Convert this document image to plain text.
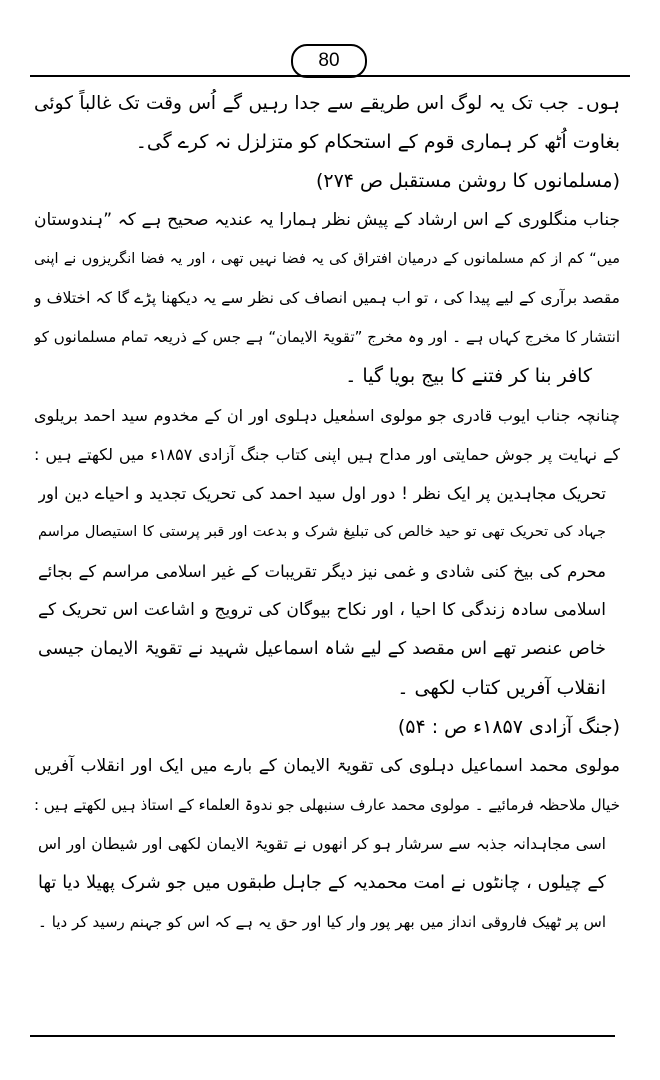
80
ہوں۔ جب تک یہ لوگ اس طریقے سے جدا رہیں گے اُس وقت تک غالباً کوئی
بغاوت اُٹھ کر ہماری قوم کے استحکام کو متزلزل نہ کرے گی۔
(مسلمانوں کا روشن مستقبل ص ۲۷۴)
جناب منگلوری کے اس ارشاد کے پیش نظر ہمارا یہ عندیہ صحیح ہے کہ ”ہندوستان
میں“ کم از کم مسلمانوں کے درمیان افتراق کی یہ فضا نہیں تھی ، اور یہ فضا انگریزوں نے اپنی
مقصد برآری کے لیے پیدا کی ، تو اب ہمیں انصاف کی نظر سے یہ دیکھنا پڑے گا کہ اختلاف و
انتشار کا مخرج کہاں ہے ۔ اور وہ مخرج ”تقویۃ الایمان“ ہے جس کے ذریعہ تمام مسلمانوں کو
کافر بنا کر فتنے کا بیج بویا گیا ۔
چنانچہ جناب ایوب قادری جو مولوی اسمٰعیل دہلوی اور ان کے مخدوم سید احمد بریلوی
کے نہایت پر جوش حمایتی اور مداح ہیں اپنی کتاب جنگ آزادی ۱۸۵۷ء میں لکھتے ہیں :
تحریک مجاہدین پر ایک نظر ! دور اول سید احمد کی تحریک تجدید و احیاے دین اور
جہاد کی تحریک تھی تو حید خالص کی تبلیغ شرک و بدعت اور قبر پرستی کا استیصال مراسم
محرم کی بیخ کنی شادی و غمی نیز دیگر تقریبات کے غیر اسلامی مراسم کے بجائے
اسلامی سادہ زندگی کا احیا ، اور نکاح بیوگان کی ترویج و اشاعت اس تحریک کے
خاص عنصر تھے اس مقصد کے لیے شاہ اسماعیل شہید نے تقویۃ الایمان جیسی
انقلاب آفریں کتاب لکھی ۔
(جنگ آزادی ۱۸۵۷ء ص : ۵۴)
مولوی محمد اسماعیل دہلوی کی تقویۃ الایمان کے بارے میں ایک اور انقلاب آفریں
خیال ملاحظہ فرمائیے ۔ مولوی محمد عارف سنبھلی جو ندوۃ العلماء کے استاذ ہیں لکھتے ہیں :
اسی مجاہدانہ جذبہ سے سرشار ہو کر انھوں نے تقویۃ الایمان لکھی اور شیطان اور اس
کے چیلوں ، چانٹوں نے امت محمدیہ کے جاہل طبقوں میں جو شرک پھیلا دیا تھا
اس پر ٹھیک فاروقی انداز میں بھر پور وار کیا اور حق یہ ہے کہ اس کو جہنم رسید کر دیا ۔
